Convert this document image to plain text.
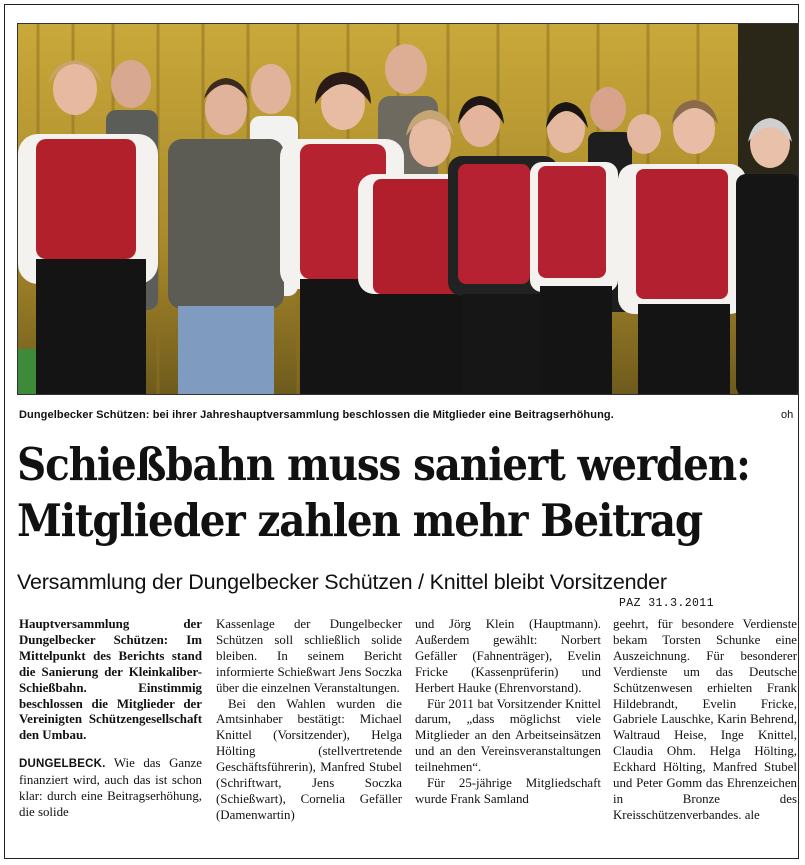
Dungelbecker Schützen: bei ihrer Jahreshauptversammlung beschlossen die Mitglieder eine Beitragserhöhung.	oh
Schießbahn muss saniert werden:
Mitglieder zahlen mehr Beitrag
Versammlung der Dungelbecker Schützen / Knittel bleibt Vorsitzender
PAZ 31.3.2011

Hauptversammlung der Dungelbecker Schützen: Im Mittelpunkt des Berichts stand die Sanierung der Kleinkaliber-Schießbahn. Einstimmig beschlossen die Mitglieder der Vereinigten Schützengesellschaft den Umbau.

DUNGELBECK. Wie das Ganze finanziert wird, auch das ist schon klar: durch eine Beitragserhöhung, die solide

Kassenlage der Dungelbecker Schützen soll schließlich solide bleiben. In seinem Bericht informierte Schießwart Jens Soczka über die einzelnen Veranstaltungen.

Bei den Wahlen wurden die Amtsinhaber bestätigt: Michael Knittel (Vorsitzender), Helga Hölting (stellvertretende Geschäftsführerin), Manfred Stubel (Schriftwart, Jens Soczka (Schießwart), Cornelia Gefäller (Damenwartin)

und Jörg Klein (Hauptmann). Außerdem gewählt: Norbert Gefäller (Fahnenträger), Evelin Fricke (Kassenprüferin) und Herbert Hauke (Ehrenvorstand).

Für 2011 bat Vorsitzender Knittel darum, „dass möglichst viele Mitglieder an den Arbeitseinsätzen und an den Vereinsveranstaltungen teilnehmen“.

Für 25-jährige Mitgliedschaft wurde Frank Samland

geehrt, für besondere Verdienste bekam Torsten Schunke eine Auszeichnung. Für besonderer Verdienste um das Deutsche Schützenwesen erhielten Frank Hildebrandt, Evelin Fricke, Gabriele Lauschke, Karin Behrend, Waltraud Heise, Inge Knittel, Claudia Ohm. Helga Hölting, Eckhard Hölting, Manfred Stubel und Peter Gomm das Ehrenzeichen in Bronze des Kreisschützenverbandes. ale
